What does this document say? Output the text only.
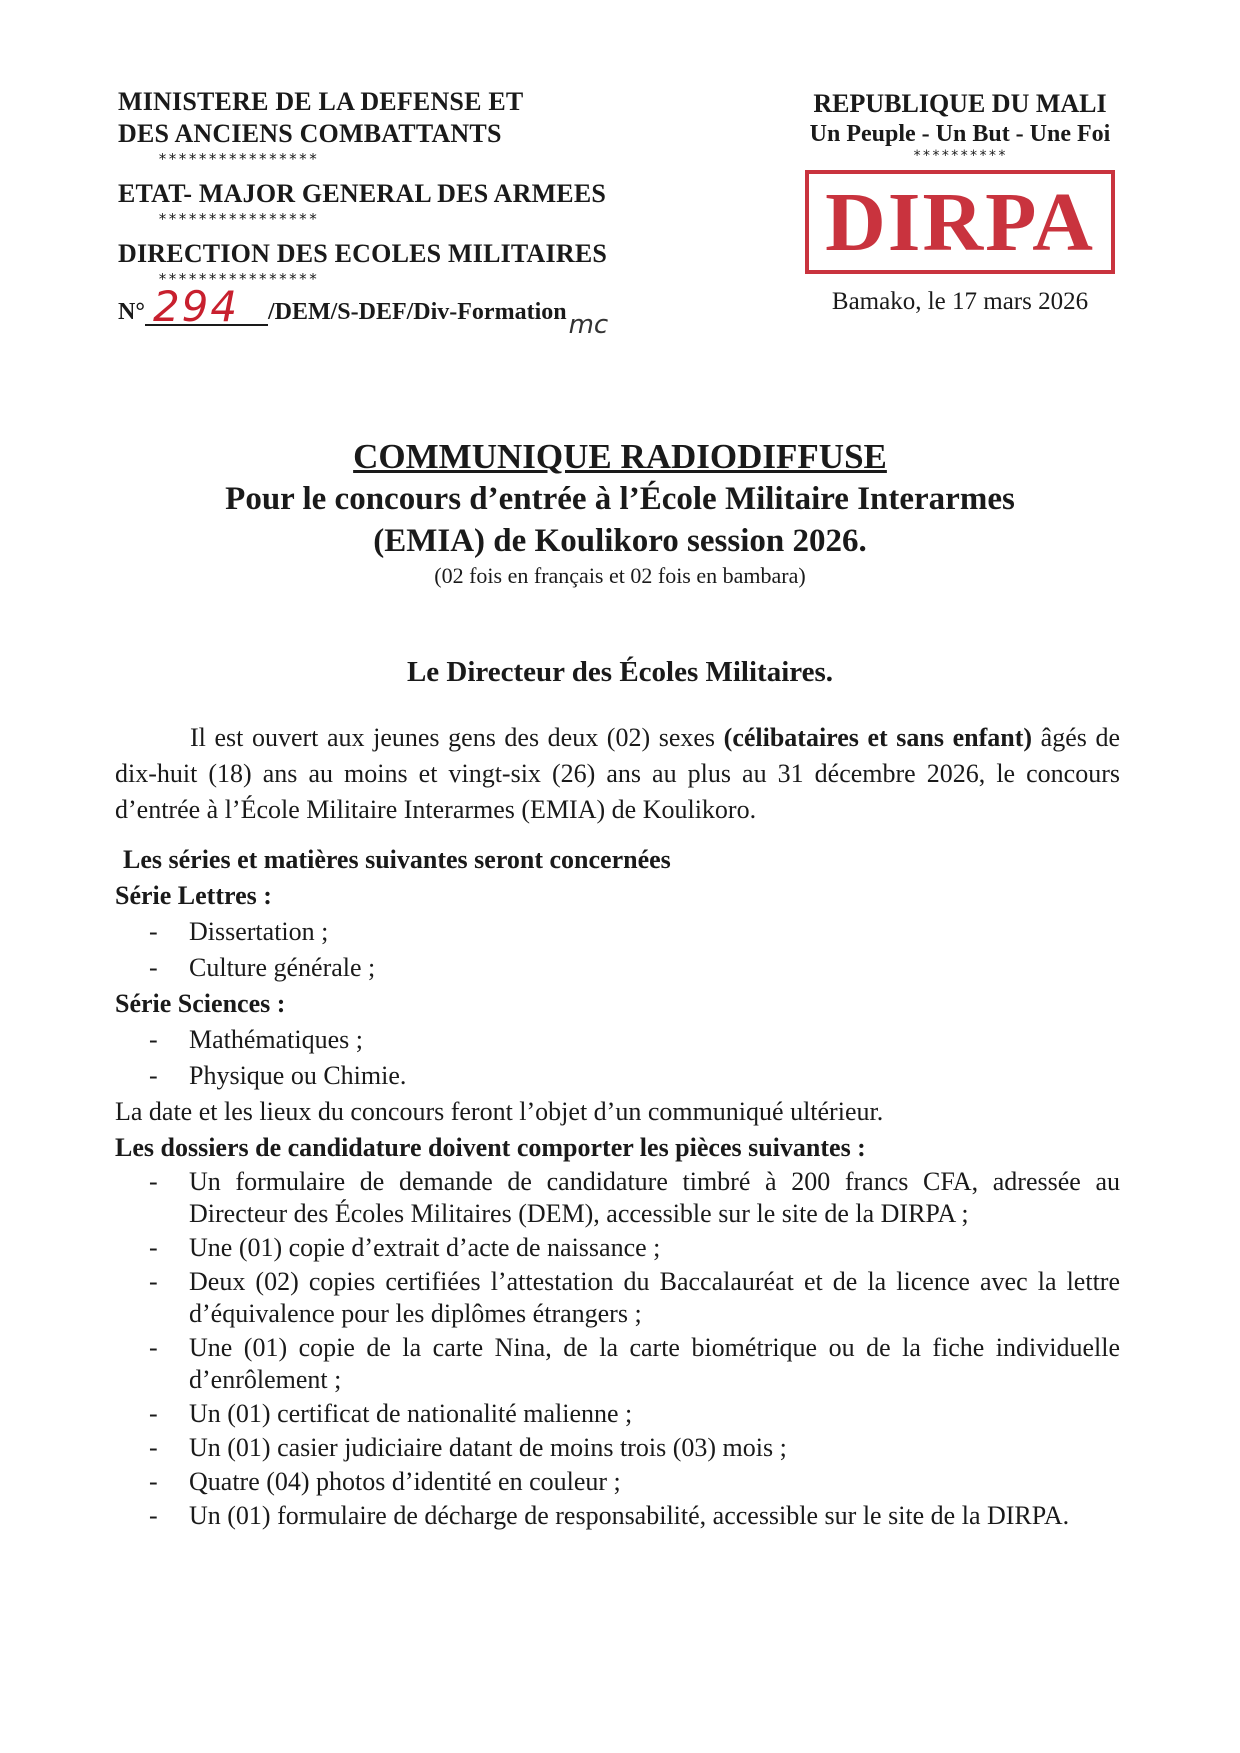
MINISTERE DE LA DEFENSE ET
DES ANCIENS COMBATTANTS
****************
ETAT- MAJOR GENERAL DES ARMEES
****************
DIRECTION DES ECOLES MILITAIRES
****************
N° 294	/DEM/S-DEF/Div-Formation mc
REPUBLIQUE DU MALI
Un Peuple - Un But - Une Foi
**********
DIRPA
Bamako, le 17 mars 2026
COMMUNIQUE RADIODIFFUSE
Pour le concours d’entrée à l’École Militaire Interarmes
(EMIA) de Koulikoro session 2026.
(02 fois en français et 02 fois en bambara)
Le Directeur des Écoles Militaires.

Il est ouvert aux jeunes gens des deux (02) sexes (célibataires et sans enfant) âgés de dix-huit (18) ans au moins et vingt-six (26) ans au plus au 31 décembre 2026, le concours d’entrée à l’École Militaire Interarmes (EMIA) de Koulikoro.

Les séries et matières suivantes seront concernées

Série Lettres :

- Dissertation ;
- Culture générale ;

Série Sciences :

- Mathématiques ;
- Physique ou Chimie.

La date et les lieux du concours feront l’objet d’un communiqué ultérieur.

Les dossiers de candidature doivent comporter les pièces suivantes :

- Un formulaire de demande de candidature timbré à 200 francs CFA, adressée au Directeur des Écoles Militaires (DEM), accessible sur le site de la DIRPA ;
- Une (01) copie d’extrait d’acte de naissance ;
- Deux (02) copies certifiées l’attestation du Baccalauréat et de la licence avec la lettre d’équivalence pour les diplômes étrangers ;
- Une (01) copie de la carte Nina, de la carte biométrique ou de la fiche individuelle d’enrôlement ;
- Un (01) certificat de nationalité malienne ;
- Un (01) casier judiciaire datant de moins trois (03) mois ;
- Quatre (04) photos d’identité en couleur ;
- Un (01) formulaire de décharge de responsabilité, accessible sur le site de la DIRPA.
